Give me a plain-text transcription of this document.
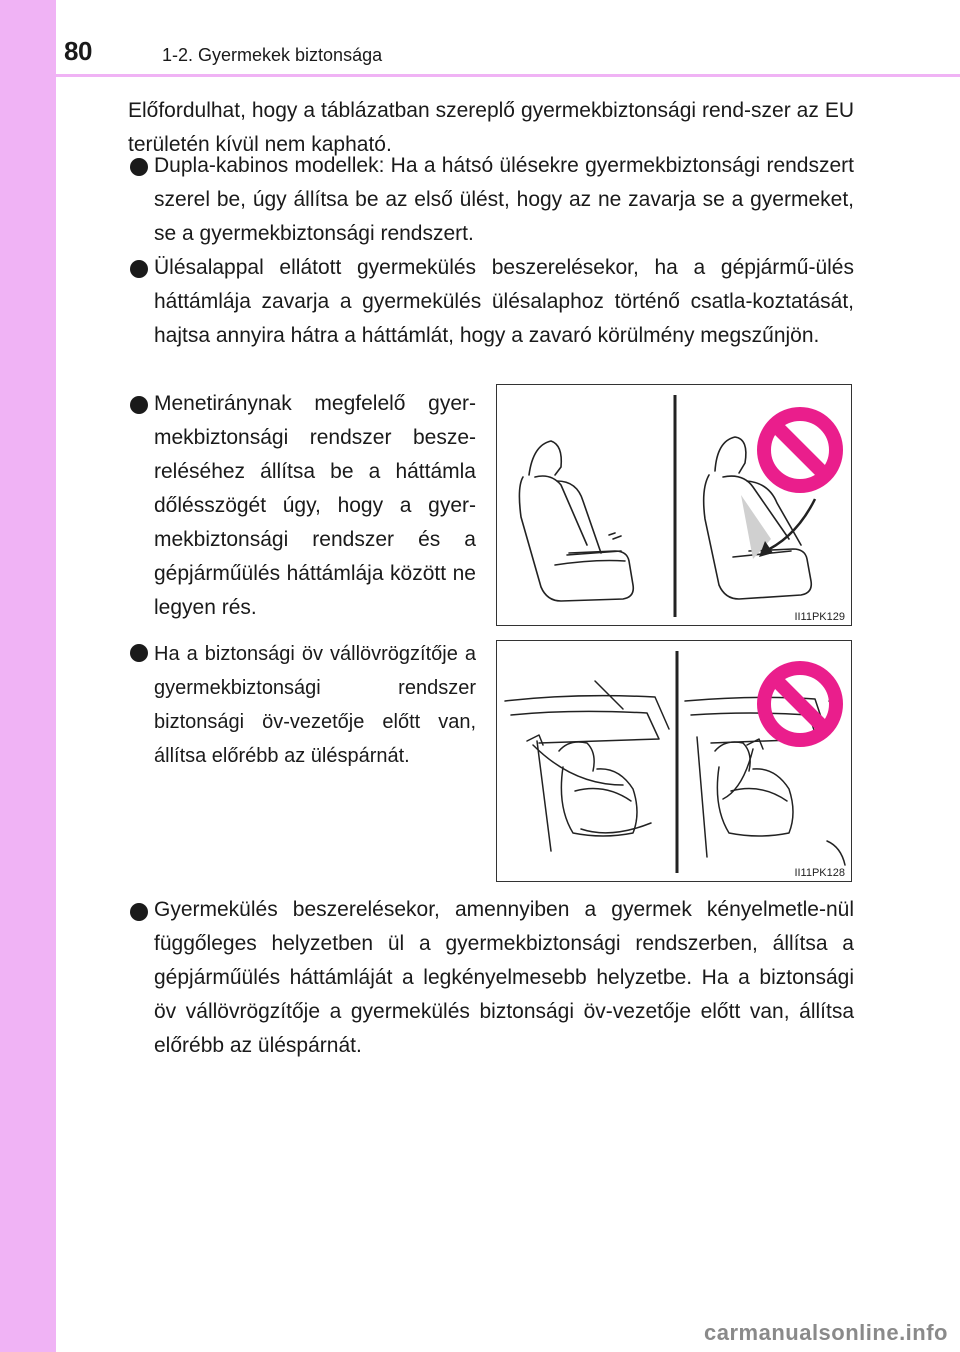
80	1-2. Gyermekek biztonsága
Előfordulhat, hogy a táblázatban szereplő gyermekbiztonsági rend-szer az EU területén kívül nem kapható.
Dupla-kabinos modellek: Ha a hátsó ülésekre gyermekbiztonsági rendszert szerel be, úgy állítsa be az első ülést, hogy az ne zavarja se a gyermeket, se a gyermekbiztonsági rendszert.
Ülésalappal ellátott gyermekülés beszerelésekor, ha a gépjármű-ülés háttámlája zavarja a gyermekülés ülésalaphoz történő csatla-koztatását, hajtsa annyira hátra a háttámlát, hogy a zavaró körülmény megszűnjön.
Menetiránynak megfelelő gyer-mekbiztonsági rendszer besze-reléséhez állítsa be a háttámla dőlésszögét úgy, hogy a gyer-mekbiztonsági rendszer és a gépjárműülés háttámlája között ne legyen rés.	II11PK129
Ha a biztonsági öv vállövrögzítője a gyermekbiztonsági rendszer biztonsági öv-vezetője előtt van, állítsa előrébb az üléspárnát.
II11PK128
Gyermekülés beszerelésekor, amennyiben a gyermek kényelmetle-nül függőleges helyzetben ül a gyermekbiztonsági rendszerben, állítsa a gépjárműülés háttámláját a legkényelmesebb helyzetbe. Ha a biztonsági öv vállövrögzítője a gyermekülés biztonsági öv-vezetője előtt van, állítsa előrébb az üléspárnát.
carmanualsonline.info
